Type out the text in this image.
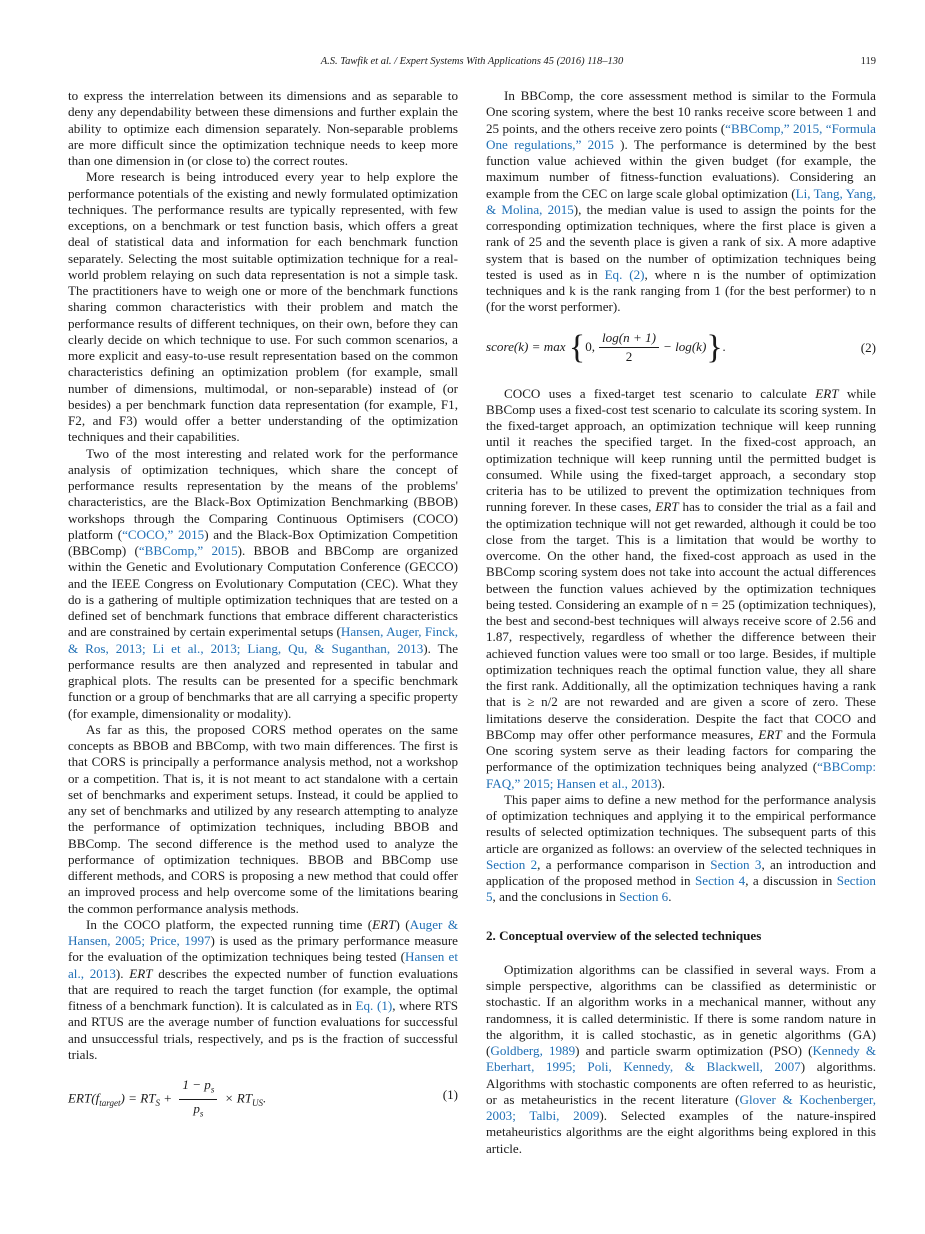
A.S. Tawfik et al. / Expert Systems With Applications 45 (2016) 118–130	119

to express the interrelation between its dimensions and as separable to deny any dependability between these dimensions and further explain the ability to optimize each dimension separately. Non-separable problems are more difficult since the optimization technique needs to keep more than one dimension in (or close to) the correct routes.

More research is being introduced every year to help explore the performance potentials of the existing and newly formulated optimization techniques. The performance results are typically represented, with few exceptions, on a benchmark or test function basis, which offers a great deal of statistical data and information for each benchmark function separately. Selecting the most suitable optimization technique for a real-world problem relaying on such data representation is not a simple task. The practitioners have to weigh one or more of the benchmark functions sharing common characteristics with their problem and match the performance results of different techniques, on their own, before they can clearly decide on which technique to use. For such common scenarios, a more explicit and easy-to-use result representation based on the common characteristics defining an optimization problem (for example, small number of dimensions, multimodal, or non-separable) instead of (or besides) a per benchmark function data representation (for example, F1, F2, and F3) would offer a better understanding of the optimization techniques and their capabilities.

Two of the most interesting and related work for the performance analysis of optimization techniques, which share the concept of performance results representation by the means of the problems' characteristics, are the Black-Box Optimization Benchmarking (BBOB) workshops through the Comparing Continuous Optimisers (COCO) platform (“COCO,” 2015) and the Black-Box Optimization Competition (BBComp) (“BBComp,” 2015). BBOB and BBComp are organized within the Genetic and Evolutionary Computation Conference (GECCO) and the IEEE Congress on Evolutionary Computation (CEC). What they do is a gathering of multiple optimization techniques that are tested on a defined set of benchmark functions that embrace different characteristics and are constrained by certain experimental setups (Hansen, Auger, Finck, & Ros, 2013; Li et al., 2013; Liang, Qu, & Suganthan, 2013). The performance results are then analyzed and represented in tabular and graphical plots. The results can be presented for a specific benchmark function or a group of benchmarks that are all carrying a specific property (for example, dimensionality or modality).

As far as this, the proposed CORS method operates on the same concepts as BBOB and BBComp, with two main differences. The first is that CORS is principally a performance analysis method, not a workshop or a competition. That is, it is not meant to act standalone with a certain set of benchmarks and experiment setups. Instead, it could be applied to any set of benchmarks and utilized by any research attempting to analyze the performance of optimization techniques, including BBOB and BBComp. The second difference is the method used to analyze the performance of optimization techniques. BBOB and BBComp use different methods, and CORS is proposing a new method that could offer an improved process and help overcome some of the limitations bearing the common performance analysis methods.

In the COCO platform, the expected running time (ERT) (Auger & Hansen, 2005; Price, 1997) is used as the primary performance measure for the evaluation of the optimization techniques being tested (Hansen et al., 2013). ERT describes the expected number of function evaluations that are required to reach the target function (for example, the optimal fitness of a benchmark function). It is calculated as in Eq. (1), where RTS and RTUS are the average number of function evaluations for successful and unsuccessful trials, respectively, and ps is the fraction of successful trials.

$ERT(f_{target}) = RT_S + \frac{1 - p_s}{p_s} \times RT_{US}$.	(1)

In BBComp, the core assessment method is similar to the Formula One scoring system, where the best 10 ranks receive score between 1 and 25 points, and the others receive zero points (“BBComp,” 2015, “Formula One regulations,” 2015 ). The performance is determined by the best function value achieved within the given budget (for example, the maximum number of fitness-function evaluations). Considering an example from the CEC on large scale global optimization (Li, Tang, Yang, & Molina, 2015), the median value is used to assign the points for the corresponding optimization techniques, where the first place is given a rank of 25 and the seventh place is given a rank of six. A more adaptive system that is based on the number of optimization techniques being tested is used as in Eq. (2), where n is the number of optimization techniques and k is the rank ranging from 1 (for the best performer) to n (for the worst performer).

score(k) = max {0, $\frac{\log(n + 1)}{2} - \log(k)$}.	(2)

COCO uses a fixed-target test scenario to calculate ERT while BBComp uses a fixed-cost test scenario to calculate its scoring system. In the fixed-target approach, an optimization technique will keep running until it reaches the specified target. In the fixed-cost approach, an optimization technique will keep running until the permitted budget is consumed. While using the fixed-target approach, a secondary stop criteria has to be utilized to prevent the optimization techniques from running forever. In these cases, ERT has to consider the trial as a fail and the optimization technique will not get rewarded, although it could be too close from the target. This is a limitation that would be worthy to overcome. On the other hand, the fixed-cost approach as used in the BBComp scoring system does not take into account the actual differences between the function values achieved by the optimization techniques being tested. Considering an example of n = 25 (optimization techniques), the best and second-best techniques will always receive score of 2.56 and 1.87, respectively, regardless of whether the difference between their achieved function values were too small or too large. Besides, if multiple optimization techniques reach the optimal function value, they all share the first rank. Additionally, all the optimization techniques having a rank that is ≥ n/2 are not rewarded and are given a score of zero. These limitations deserve the consideration. Despite the fact that COCO and BBComp may offer other performance measures, ERT and the Formula One scoring system serve as their leading factors for comparing the performance of the optimization techniques being analyzed (“BBComp: FAQ,” 2015; Hansen et al., 2013).

This paper aims to define a new method for the performance analysis of optimization techniques and applying it to the empirical performance results of selected optimization techniques. The subsequent parts of this article are organized as follows: an overview of the selected techniques in Section 2, a performance comparison in Section 3, an introduction and application of the proposed method in Section 4, a discussion in Section 5, and the conclusions in Section 6.

2. Conceptual overview of the selected techniques

Optimization algorithms can be classified in several ways. From a simple perspective, algorithms can be classified as deterministic or stochastic. If an algorithm works in a mechanical manner, without any randomness, it is called deterministic. If there is some random nature in the algorithm, it is called stochastic, as in genetic algorithms (GA) (Goldberg, 1989) and particle swarm optimization (PSO) (Kennedy & Eberhart, 1995; Poli, Kennedy, & Blackwell, 2007) algorithms. Algorithms with stochastic components are often referred to as heuristic, or as metaheuristics in the recent literature (Glover & Kochenberger, 2003; Talbi, 2009). Selected examples of the nature-inspired metaheuristics algorithms are the eight algorithms being explored in this article.
